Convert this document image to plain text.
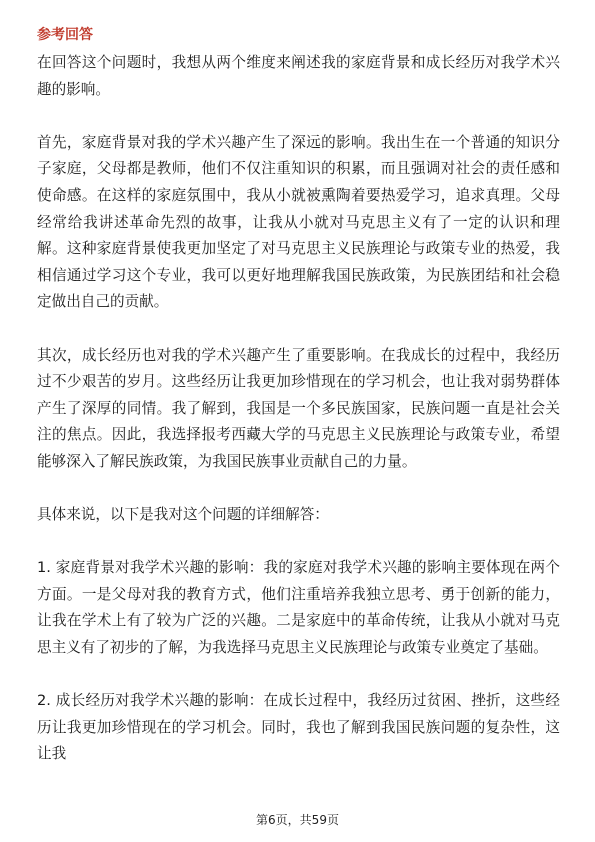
参考回答

在回答这个问题时，我想从两个维度来阐述我的家庭背景和成长经历对我学术兴趣的影响。

首先，家庭背景对我的学术兴趣产生了深远的影响。我出生在一个普通的知识分子家庭，父母都是教师，他们不仅注重知识的积累，而且强调对社会的责任感和使命感。在这样的家庭氛围中，我从小就被熏陶着要热爱学习，追求真理。父母经常给我讲述革命先烈的故事，让我从小就对马克思主义有了一定的认识和理解。这种家庭背景使我更加坚定了对马克思主义民族理论与政策专业的热爱，我相信通过学习这个专业，我可以更好地理解我国民族政策，为民族团结和社会稳定做出自己的贡献。

其次，成长经历也对我的学术兴趣产生了重要影响。在我成长的过程中，我经历过不少艰苦的岁月。这些经历让我更加珍惜现在的学习机会，也让我对弱势群体产生了深厚的同情。我了解到，我国是一个多民族国家，民族问题一直是社会关注的焦点。因此，我选择报考西藏大学的马克思主义民族理论与政策专业，希望能够深入了解民族政策，为我国民族事业贡献自己的力量。

具体来说，以下是我对这个问题的详细解答：

1. 家庭背景对我学术兴趣的影响：我的家庭对我学术兴趣的影响主要体现在两个方面。一是父母对我的教育方式，他们注重培养我独立思考、勇于创新的能力，让我在学术上有了较为广泛的兴趣。二是家庭中的革命传统，让我从小就对马克思主义有了初步的了解，为我选择马克思主义民族理论与政策专业奠定了基础。

2. 成长经历对我学术兴趣的影响：在成长过程中，我经历过贫困、挫折，这些经历让我更加珍惜现在的学习机会。同时，我也了解到我国民族问题的复杂性，这让我

第6页，共59页
